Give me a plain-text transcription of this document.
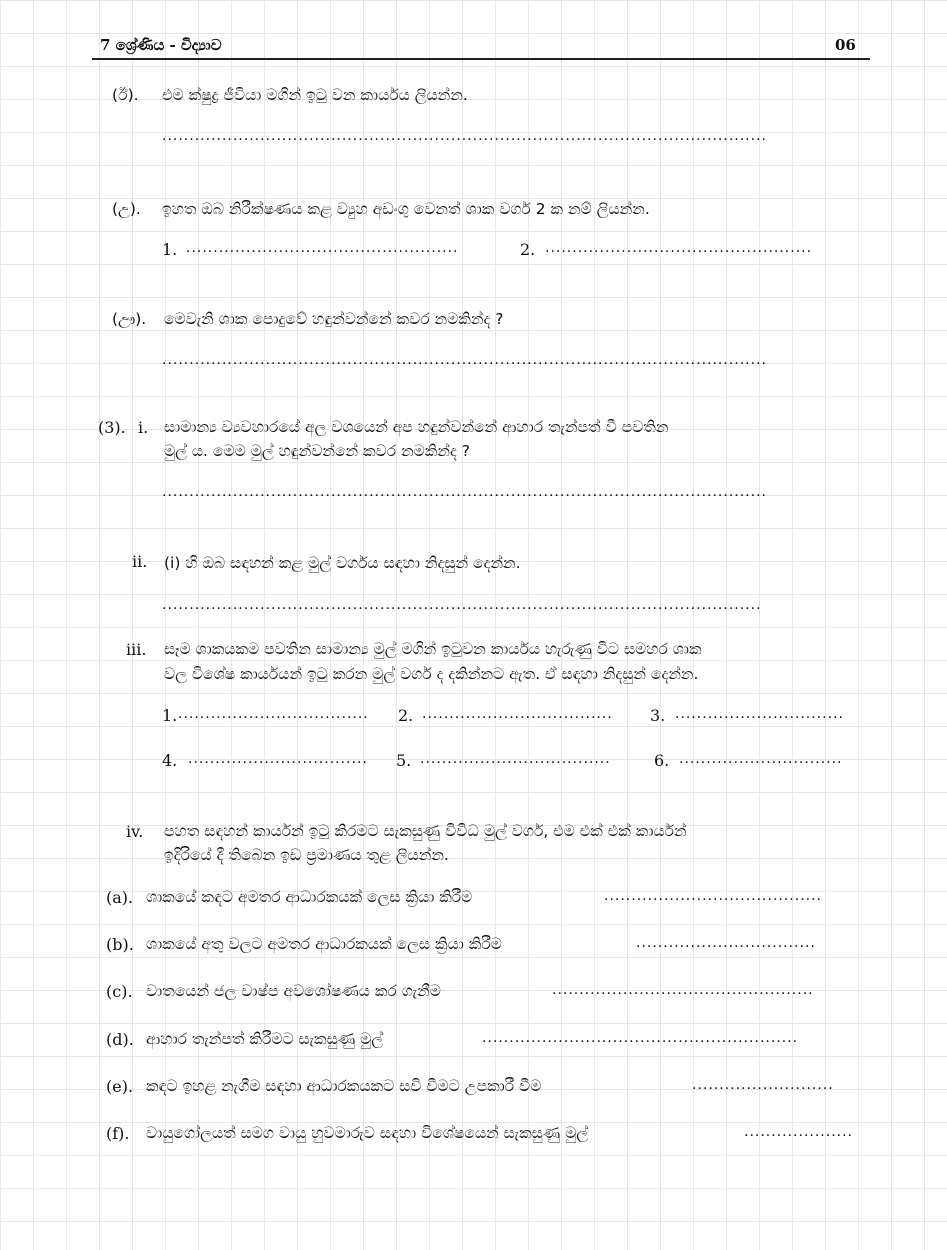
7 ශ්‍රේණිය - විද්‍යාව	06
(ඊ). එම ක්ෂුද්‍ර ජීවියා මගින් ඉටු වන කාර්යය ලියන්න.
...............................................................................................................
(උ). ඉහත ඔබ නිරීක්ෂණය කළ ව්‍යුහ අඩංගු වෙනත් ශාක වර්ග 2 ක නම් ලියන්න.
1. ..................................................	2. .................................................
(ඌ). මෙවැනි ශාක පොදුවේ හඳුන්වන්නේ කවර නමකින්ද ?
...............................................................................................................
(3). i. සාමාන්‍ය ව්‍යවහාරයේ අල වශයෙන් අප හඳුන්වන්නේ ආහාර තැන්පත් වී පවතින
මුල් ය. මෙම මුල් හඳුන්වන්නේ කවර නමකින්ද ?
...............................................................................................................
ii. (i) හි ඔබ සඳහන් කළ මුල් වර්ගය සඳහා නිදසුන් දෙන්න.
..............................................................................................................
iii. සෑම ශාකයකම පවතින සාමාන්‍ය මුල් මගින් ඉටුවන කාර්යය හැරුණු විට සමහර ශාක
වල විශේෂ කාර්යයන් ඉටු කරන මුල් වර්ග ද දකින්නට ඇත. ඒ සඳහා නිදසුන් දෙන්න.
1. ...................................	2. ...................................	3. ...............................
4. .................................	5. ...................................	6. ..............................
iv. පහත සඳහන් කාර්යන් ඉටු කිරමට සැකසුණු විවිධ මුල් වර්ග, එම එක් එක් කාර්යන්
ඉදිරියේ දී තිබෙන ඉඩ ප්‍රමාණය තුළ ලියන්න.
(a). ශාකයේ කඳට අමතර ආධාරකයක් ලෙස ක්‍රියා කිරීම	........................................
(b). ශාකයේ අතු වලට අමතර ආධාරකයක් ලෙස ක්‍රියා කිරීම	.................................
(c). වාතයෙන් ජල වාෂ්ප අවශෝෂණය කර ගැනීම	................................................
(d). ආහාර තැන්පත් කිරීමට සැකසුණු මුල්	..........................................................
(e). කඳට ඉහළ නැගීම සඳහා ආධාරකයකට සවි වීමට උපකාරී වීම	..........................
(f). වායුගෝලයත් සමග වායු හුවමාරුව සඳහා විශේෂයෙන් සැකසුණු මුල්	....................
